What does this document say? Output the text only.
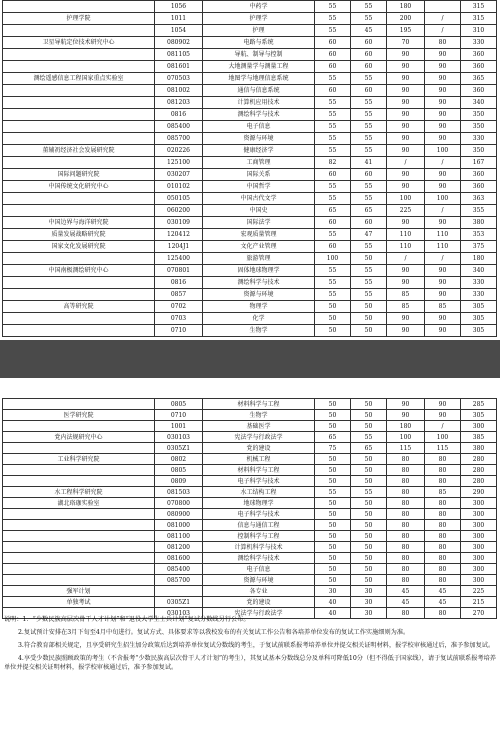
	1056	中药学	55	55	180		315
护理学院	1011	护理学	55	55	200	/	315
	1054	护理	55	45	195	/	310
卫星导航定位技术研究中心	080902	电路与系统	60	60	70	80	330
	081105	导航、制导与控制	60	60	90	90	360
	081601	大地测量学与测量工程	60	60	90	90	360
测绘遥感信息工程国家重点实验室	070503	地图学与地理信息系统	55	55	90	90	365
	081002	通信与信息系统	60	60	90	90	360
	081203	计算机应用技术	55	55	90	90	340
	0816	测绘科学与技术	55	55	90	90	350
	085400	电子信息	55	55	90	90	350
	085700	资源与环境	55	55	90	90	330
董辅礽经济社会发展研究院	020226	健康经济学	55	55	90	100	350
	125100	工商管理	82	41	/	/	167
国际问题研究院	030207	国际关系	60	60	90	90	360
中国传统文化研究中心	010102	中国哲学	55	55	90	90	360
	050105	中国古代文学	55	55	100	100	363
	060200	中国史	65	65	225	/	355
中国边界与海洋研究院	030109	国际法学	60	60	90	90	380
质量发展战略研究院	120412	宏观质量管理	55	47	110	110	353
国家文化发展研究院	1204J1	文化产业管理	60	55	110	110	375
	125400	旅游管理	100	50	/	/	180
中国南极测绘研究中心	070801	固体地球物理学	55	55	90	90	340
	0816	测绘科学与技术	55	55	90	90	330
	0857	资源与环境	55	55	85	90	330
高等研究院	0702	物理学	50	50	85	85	305
	0703	化学	50	50	90	90	305
	0710	生物学	50	50	90	90	305
	0805	材料科学与工程	50	50	90	90	285
医学研究院	0710	生物学	50	50	90	90	305
	1001	基础医学	50	50	180	/	300
党内法规研究中心	030103	宪法学与行政法学	65	55	100	100	385
	0305Z1	党的建设	75	65	115	115	380
工业科学研究院	0802	机械工程	50	50	80	80	280
	0805	材料科学与工程	50	50	80	80	280
	0809	电子科学与技术	50	50	80	80	280
水工程科学研究院	081503	水工结构工程	55	55	80	85	290
湖北珞珈实验室	070800	地球物理学	50	50	80	80	300
	080900	电子科学与技术	50	50	80	80	300
	081000	信息与通信工程	50	50	80	80	300
	081100	控制科学与工程	50	50	80	80	300
	081200	计算机科学与技术	50	50	80	80	300
	081600	测绘科学与技术	50	50	80	80	300
	085400	电子信息	50	50	80	80	300
	085700	资源与环境	50	50	80	80	300
强军计划		各专业	30	30	45	45	225
单独考试	0305Z1	党的建设	40	30	45	45	215
	030103	宪法学与行政法学	40	30	80	80	270

说明：1．“少数民族高层次骨干人才计划”和“退役大学生士兵计划”复试分数线另行公布。

2.复试预计安排在3月下旬至4月中旬进行。复试方式、具体要求等以我校发布的有关复试工作公告和各培养单位发布的复试工作实施细则为准。

3.符合教育部相关规定，且享受研究生招生加分政策后达到培养单位复试分数线的考生，于复试前联系报考培养单位并提交相关证明材料，报学校审核通过后，准予参加复试。

4.享受少数民族照顾政策的考生（不含报考“少数民族高层次骨干人才计划”的考生），其复试基本分数线总分及单科可降低10分（但不得低于国家线），请于复试前联系报考培养单位并提交相关证明材料，报学校审核通过后，准予参加复试。
